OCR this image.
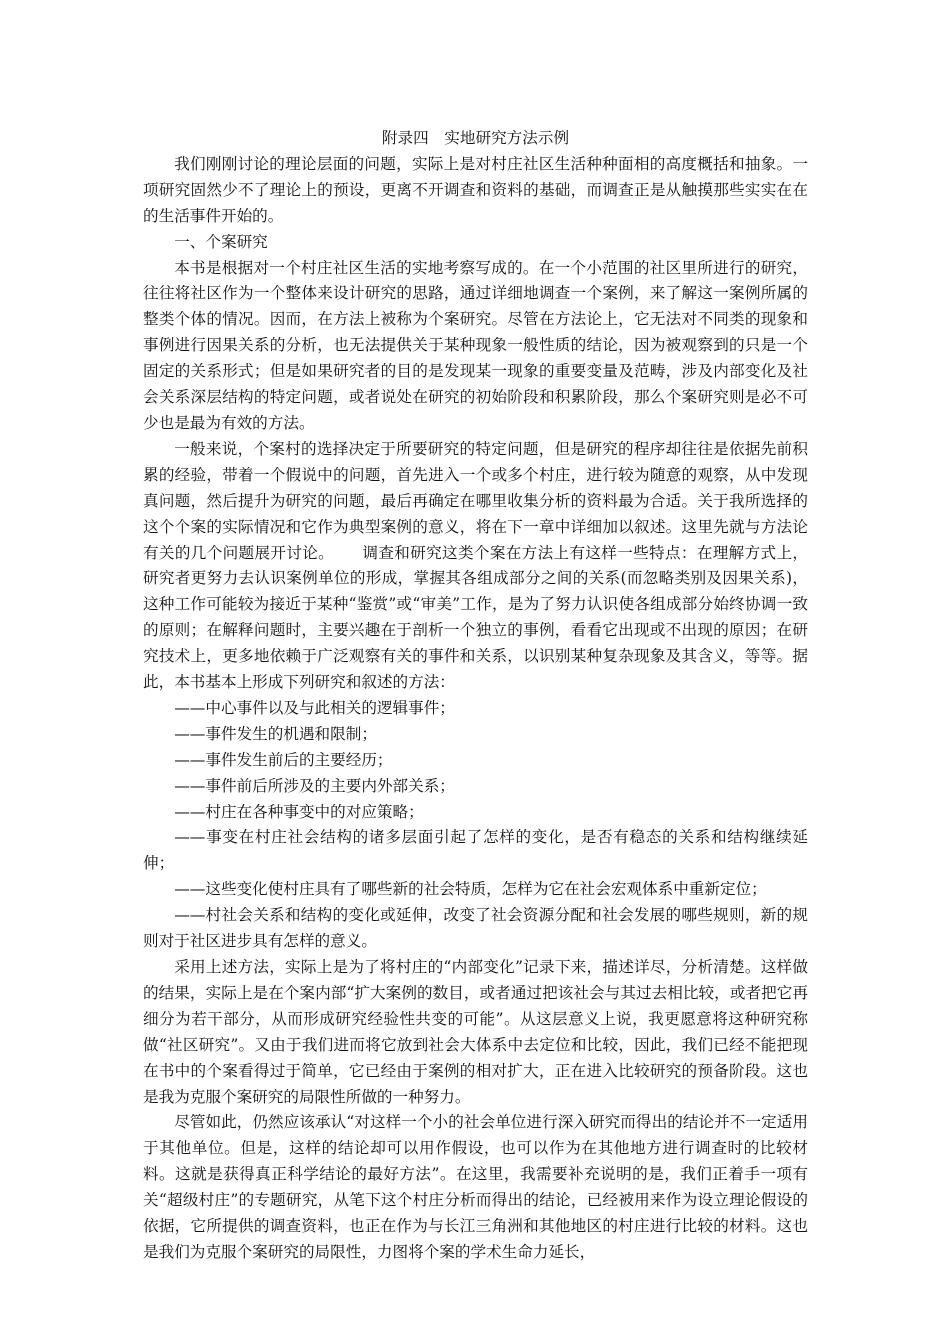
附录四　实地研究方法示例

我们刚刚讨论的理论层面的问题，实际上是对村庄社区生活种种面相的高度概括和抽象。一项研究固然少不了理论上的预设，更离不开调查和资料的基础，而调查正是从触摸那些实实在在的生活事件开始的。

一、个案研究

本书是根据对一个村庄社区生活的实地考察写成的。在一个小范围的社区里所进行的研究，往往将社区作为一个整体来设计研究的思路，通过详细地调查一个案例，来了解这一案例所属的整类个体的情况。因而，在方法上被称为个案研究。尽管在方法论上，它无法对不同类的现象和事例进行因果关系的分析，也无法提供关于某种现象一般性质的结论，因为被观察到的只是一个固定的关系形式；但是如果研究者的目的是发现某一现象的重要变量及范畴，涉及内部变化及社会关系深层结构的特定问题，或者说处在研究的初始阶段和积累阶段，那么个案研究则是必不可少也是最为有效的方法。

一般来说，个案村的选择决定于所要研究的特定问题，但是研究的程序却往往是依据先前积累的经验，带着一个假说中的问题，首先进入一个或多个村庄，进行较为随意的观察，从中发现真问题，然后提升为研究的问题，最后再确定在哪里收集分析的资料最为合适。关于我所选择的这个个案的实际情况和它作为典型案例的意义，将在下一章中详细加以叙述。这里先就与方法论有关的几个问题展开讨论。 调查和研究这类个案在方法上有这样一些特点：在理解方式上，研究者更努力去认识案例单位的形成，掌握其各组成部分之间的关系(而忽略类别及因果关系)，这种工作可能较为接近于某种“鉴赏”或“审美”工作，是为了努力认识使各组成部分始终协调一致的原则；在解释问题时，主要兴趣在于剖析一个独立的事例，看看它出现或不出现的原因；在研究技术上，更多地依赖于广泛观察有关的事件和关系，以识别某种复杂现象及其含义，等等。据此，本书基本上形成下列研究和叙述的方法：

——中心事件以及与此相关的逻辑事件；

——事件发生的机遇和限制；

——事件发生前后的主要经历；

——事件前后所涉及的主要内外部关系；

——村庄在各种事变中的对应策略；

——事变在村庄社会结构的诸多层面引起了怎样的变化，是否有稳态的关系和结构继续延伸；

——这些变化使村庄具有了哪些新的社会特质，怎样为它在社会宏观体系中重新定位；

——村社会关系和结构的变化或延伸，改变了社会资源分配和社会发展的哪些规则，新的规则对于社区进步具有怎样的意义。

采用上述方法，实际上是为了将村庄的“内部变化”记录下来，描述详尽，分析清楚。这样做的结果，实际上是在个案内部“扩大案例的数目，或者通过把该社会与其过去相比较，或者把它再细分为若干部分，从而形成研究经验性共变的可能”。从这层意义上说，我更愿意将这种研究称做“社区研究”。又由于我们进而将它放到社会大体系中去定位和比较，因此，我们已经不能把现在书中的个案看得过于简单，它已经由于案例的相对扩大，正在进入比较研究的预备阶段。这也是我为克服个案研究的局限性所做的一种努力。

尽管如此，仍然应该承认“对这样一个小的社会单位进行深入研究而得出的结论并不一定适用于其他单位。但是，这样的结论却可以用作假设，也可以作为在其他地方进行调查时的比较材料。这就是获得真正科学结论的最好方法”。在这里，我需要补充说明的是，我们正着手一项有关“超级村庄”的专题研究，从笔下这个村庄分析而得出的结论，已经被用来作为设立理论假设的依据，它所提供的调查资料，也正在作为与长江三角洲和其他地区的村庄进行比较的材料。这也是我们为克服个案研究的局限性，力图将个案的学术生命力延长，
